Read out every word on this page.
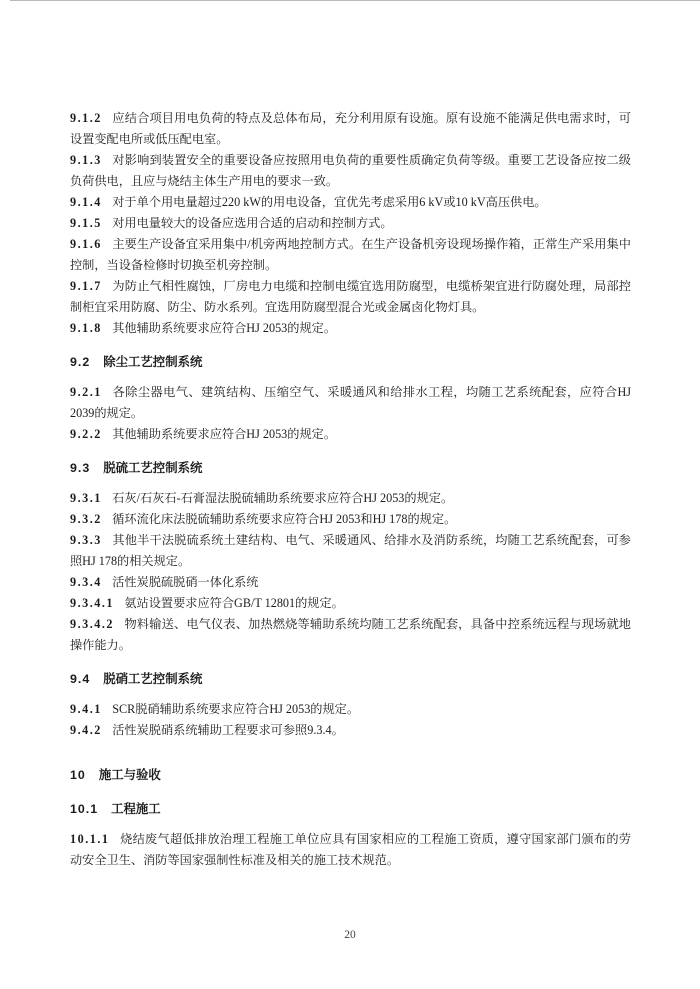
9.1.2 应结合项目用电负荷的特点及总体布局，充分利用原有设施。原有设施不能满足供电需求时，可设置变配电所或低压配电室。

9.1.3 对影响到装置安全的重要设备应按照用电负荷的重要性质确定负荷等级。重要工艺设备应按二级负荷供电，且应与烧结主体生产用电的要求一致。

9.1.4 对于单个用电量超过220 kW的用电设备，宜优先考虑采用6 kV或10 kV高压供电。

9.1.5 对用电量较大的设备应选用合适的启动和控制方式。

9.1.6 主要生产设备宜采用集中/机旁两地控制方式。在生产设备机旁设现场操作箱，正常生产采用集中控制，当设备检修时切换至机旁控制。

9.1.7 为防止气相性腐蚀，厂房电力电缆和控制电缆宜选用防腐型，电缆桥架宜进行防腐处理，局部控制柜宜采用防腐、防尘、防水系列。宜选用防腐型混合光或金属卤化物灯具。

9.1.8 其他辅助系统要求应符合HJ 2053的规定。

9.2 除尘工艺控制系统

9.2.1 各除尘器电气、建筑结构、压缩空气、采暖通风和给排水工程，均随工艺系统配套，应符合HJ 2039的规定。

9.2.2 其他辅助系统要求应符合HJ 2053的规定。

9.3 脱硫工艺控制系统

9.3.1 石灰/石灰石-石膏湿法脱硫辅助系统要求应符合HJ 2053的规定。

9.3.2 循环流化床法脱硫辅助系统要求应符合HJ 2053和HJ 178的规定。

9.3.3 其他半干法脱硫系统土建结构、电气、采暖通风、给排水及消防系统，均随工艺系统配套，可参照HJ 178的相关规定。

9.3.4 活性炭脱硫脱硝一体化系统

9.3.4.1 氨站设置要求应符合GB/T 12801的规定。

9.3.4.2 物料输送、电气仪表、加热燃烧等辅助系统均随工艺系统配套，具备中控系统远程与现场就地操作能力。

9.4 脱硝工艺控制系统

9.4.1 SCR脱硝辅助系统要求应符合HJ 2053的规定。

9.4.2 活性炭脱硝系统辅助工程要求可参照9.3.4。

10 施工与验收

10.1 工程施工

10.1.1 烧结废气超低排放治理工程施工单位应具有国家相应的工程施工资质，遵守国家部门颁布的劳动安全卫生、消防等国家强制性标准及相关的施工技术规范。

20
